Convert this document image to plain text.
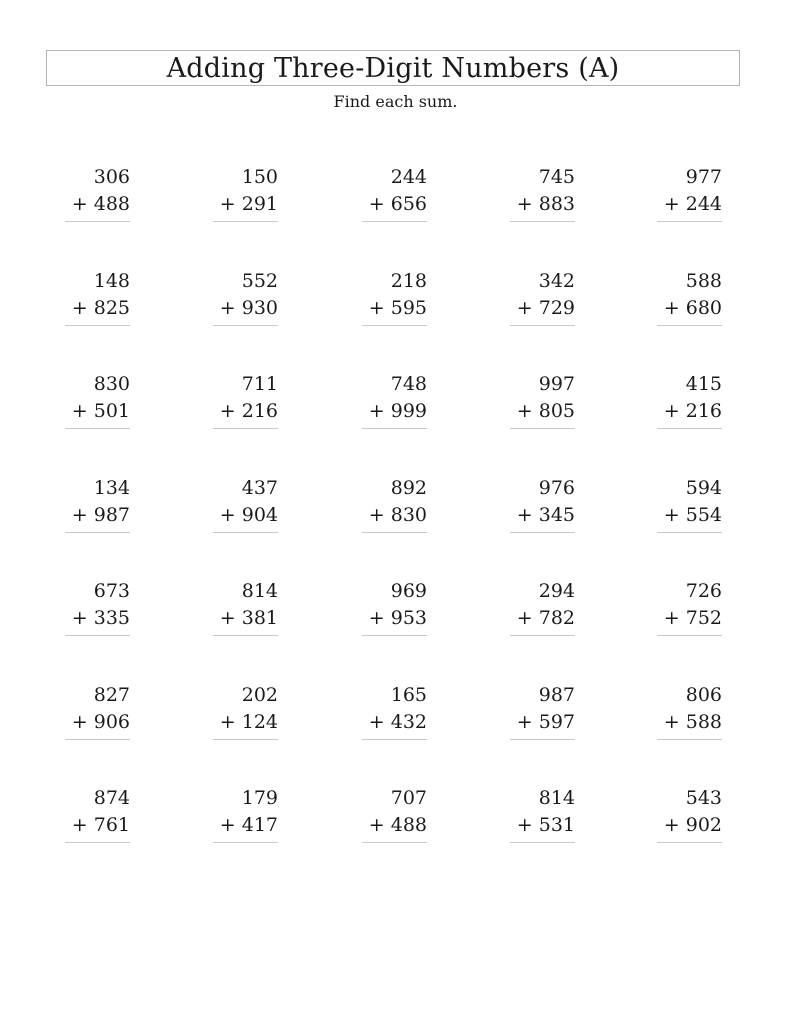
Adding Three-Digit Numbers (A)
Find each sum.
306
+ 488
150
+ 291
244
+ 656
745
+ 883
977
+ 244
148
+ 825
552
+ 930
218
+ 595
342
+ 729
588
+ 680
830
+ 501
711
+ 216
748
+ 999
997
+ 805
415
+ 216
134
+ 987
437
+ 904
892
+ 830
976
+ 345
594
+ 554
673
+ 335
814
+ 381
969
+ 953
294
+ 782
726
+ 752
827
+ 906
202
+ 124
165
+ 432
987
+ 597
806
+ 588
874
+ 761
179
+ 417
707
+ 488
814
+ 531
543
+ 902
